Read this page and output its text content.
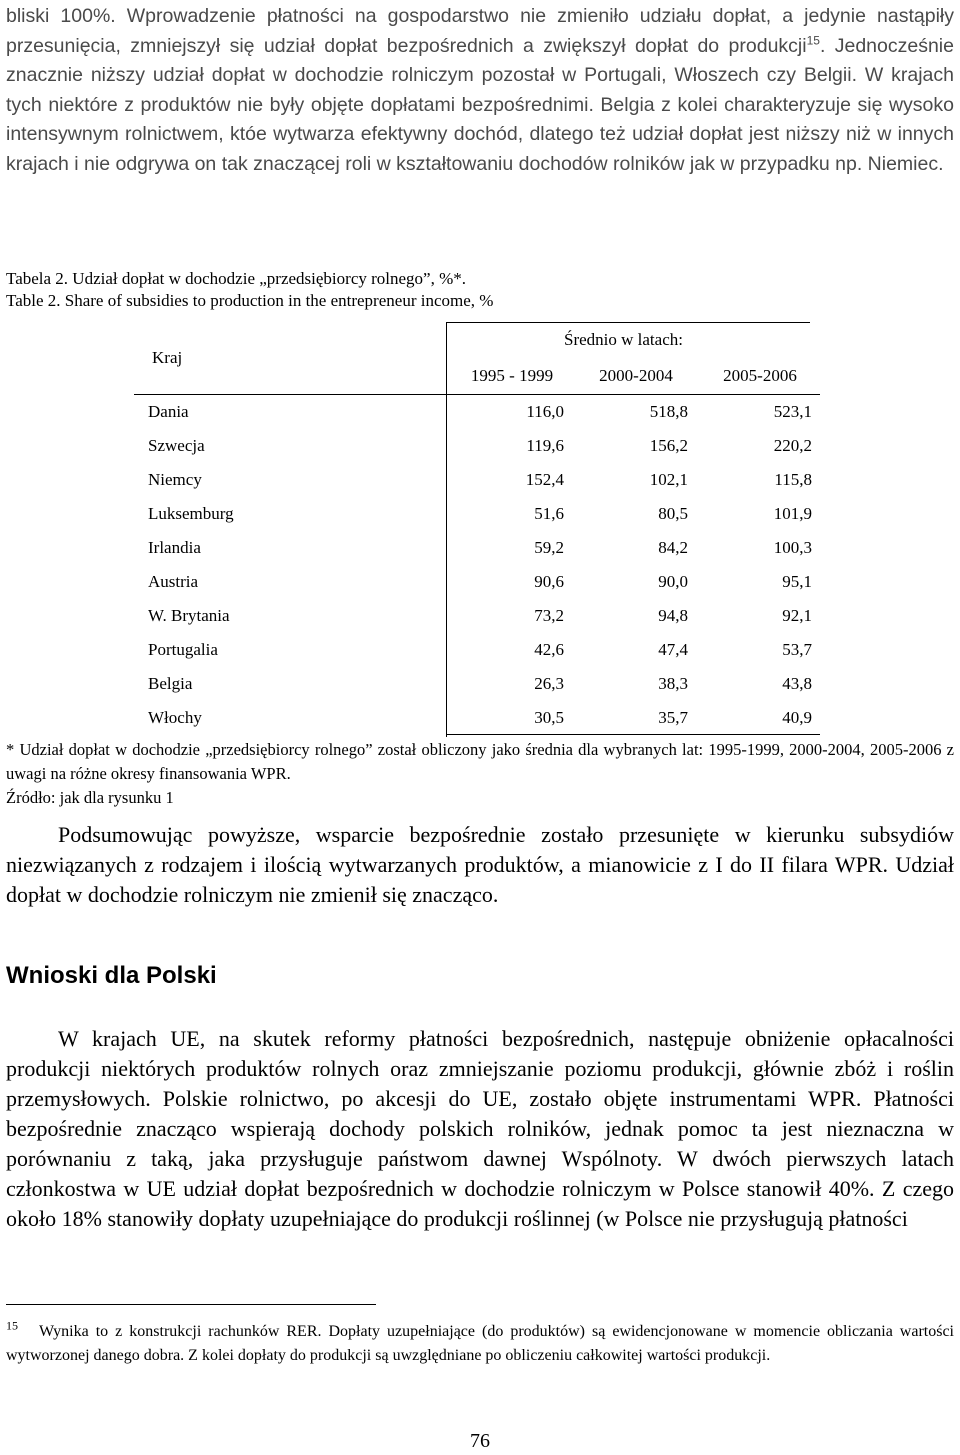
bliski 100%. Wprowadzenie płatności na gospodarstwo nie zmieniło udziału dopłat, a jedynie nastąpiły przesunięcia, zmniejszył się udział dopłat bezpośrednich a zwiększył dopłat do produkcji$^{15}$. Jednocześnie znacznie niższy udział dopłat w dochodzie rolniczym pozostał w Portugali, Włoszech czy Belgii. W krajach tych niektóre z produktów nie były objęte dopłatami bezpośrednimi. Belgia z kolei charakteryzuje się wysoko intensywnym rolnictwem, któe wytwarza efektywny dochód, dlatego też udział dopłat jest niższy niż w innych krajach i nie odgrywa on tak znaczącej roli w kształtowaniu dochodów rolników jak w przypadku np. Niemiec.

Tabela 2. Udział dopłat w dochodzie „przedsiębiorcy rolnego”, %*.

Table 2. Share of subsidies to production in the entrepreneur income, %

Kraj
Średnio w latach:
1995 - 1999	2000-2004	2005-2006
Dania	116,0	518,8	523,1
Szwecja	119,6	156,2	220,2
Niemcy	152,4	102,1	115,8
Luksemburg	51,6	80,5	101,9
Irlandia	59,2	84,2	100,3
Austria	90,6	90,0	95,1
W. Brytania	73,2	94,8	92,1
Portugalia	42,6	47,4	53,7
Belgia	26,3	38,3	43,8
Włochy	30,5	35,7	40,9

* Udział dopłat w dochodzie „przedsiębiorcy rolnego” został obliczony jako średnia dla wybranych lat: 1995-1999, 2000-2004, 2005-2006 z uwagi na różne okresy finansowania WPR.

Źródło: jak dla rysunku 1

Podsumowując powyższe, wsparcie bezpośrednie zostało przesunięte w kierunku subsydiów niezwiązanych z rodzajem i ilością wytwarzanych produktów, a mianowicie z I do II filara WPR. Udział dopłat w dochodzie rolniczym nie zmienił się znacząco.

Wnioski dla Polski

W krajach UE, na skutek reformy płatności bezpośrednich, następuje obniżenie opłacalności produkcji niektórych produktów rolnych oraz zmniejszanie poziomu produkcji, głównie zbóż i roślin przemysłowych. Polskie rolnictwo, po akcesji do UE, zostało objęte instrumentami WPR. Płatności bezpośrednie znacząco wspierają dochody polskich rolników, jednak pomoc ta jest nieznaczna w porównaniu z taką, jaka przysługuje państwom dawnej Wspólnoty. W dwóch pierwszych latach członkostwa w UE udział dopłat bezpośrednich w dochodzie rolniczym w Polsce stanowił 40%. Z czego około 18% stanowiły dopłaty uzupełniające do produkcji roślinnej (w Polsce nie przysługują płatności

$^{15}$ Wynika to z konstrukcji rachunków RER. Dopłaty uzupełniające (do produktów) są ewidencjonowane w momencie obliczania wartości wytworzonej danego dobra. Z kolei dopłaty do produkcji są uwzględniane po obliczeniu całkowitej wartości produkcji.

76
